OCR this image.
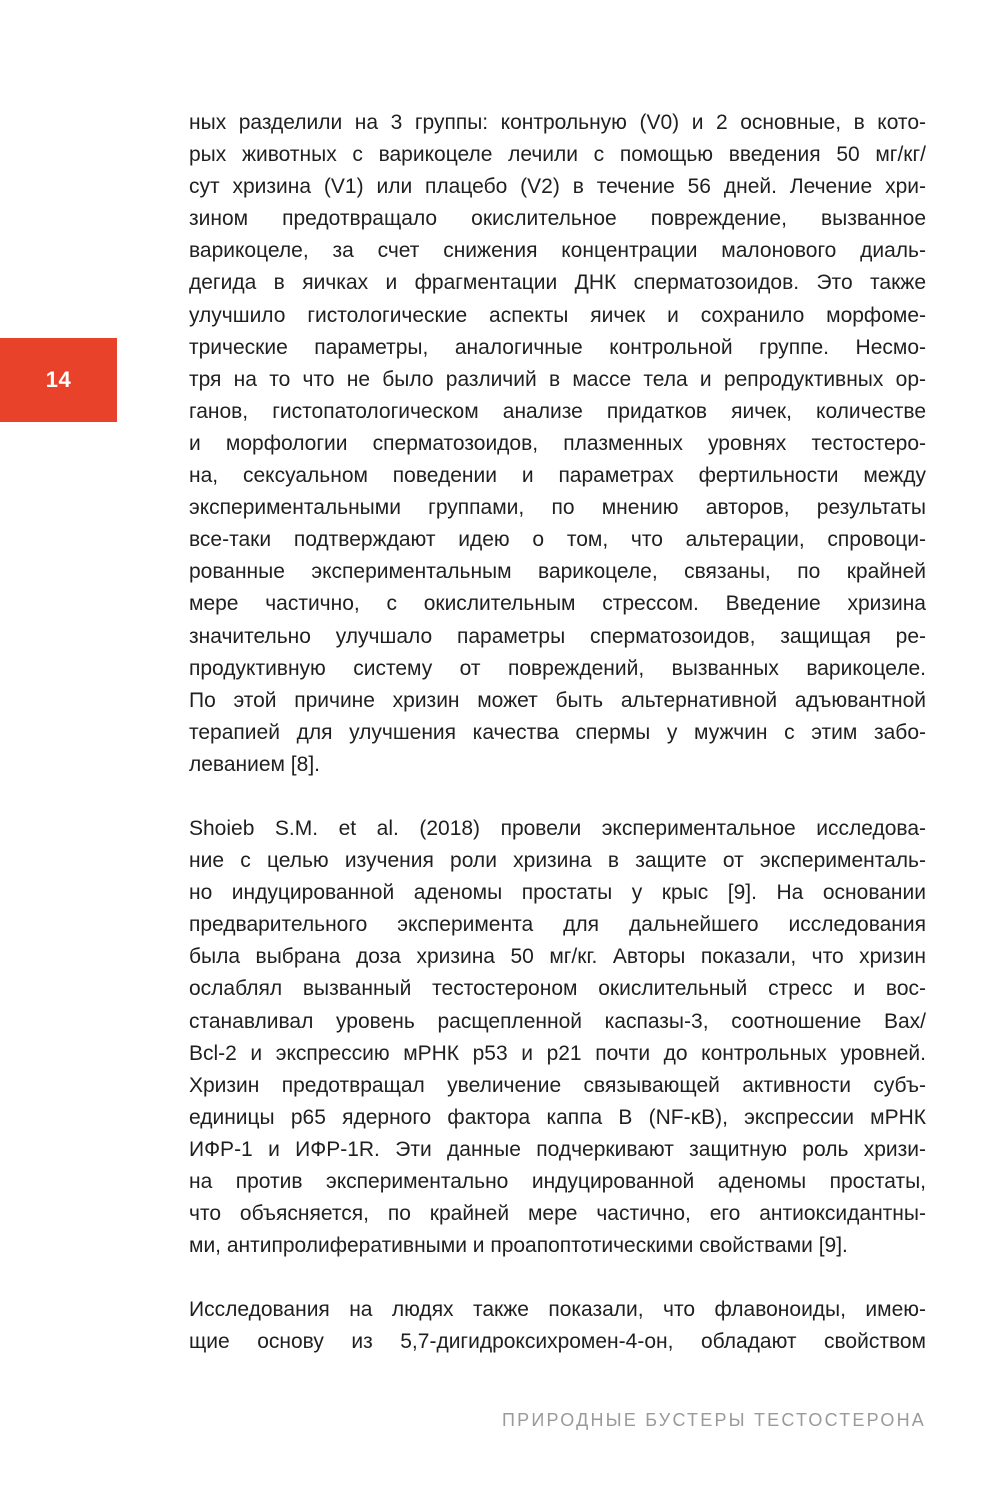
14
ных разделили на 3 группы: контрольную (V0) и 2 основные, в кото-
рых животных с варикоцеле лечили с помощью введения 50 мг/кг/
сут хризина (V1) или плацебо (V2) в течение 56 дней. Лечение хри-
зином предотвращало окислительное повреждение, вызванное
варикоцеле, за счет снижения концентрации малонового диаль-
дегида в яичках и фрагментации ДНК сперматозоидов. Это также
улучшило гистологические аспекты яичек и сохранило морфоме-
трические параметры, аналогичные контрольной группе. Несмо-
тря на то что не было различий в массе тела и репродуктивных ор-
ганов, гистопатологическом анализе придатков яичек, количестве
и морфологии сперматозоидов, плазменных уровнях тестостеро-
на, сексуальном поведении и параметрах фертильности между
экспериментальными группами, по мнению авторов, результаты
все-таки подтверждают идею о том, что альтерации, спровоци-
рованные экспериментальным варикоцеле, связаны, по крайней
мере частично, с окислительным стрессом. Введение хризина
значительно улучшало параметры сперматозоидов, защищая ре-
продуктивную систему от повреждений, вызванных варикоцеле.
По этой причине хризин может быть альтернативной адъювантной
терапией для улучшения качества спермы у мужчин с этим забо-
леванием [8].
Shoieb S.M. et al. (2018) провели экспериментальное исследова-
ние с целью изучения роли хризина в защите от эксперименталь-
но индуцированной аденомы простаты у крыс [9]. На основании
предварительного эксперимента для дальнейшего исследования
была выбрана доза хризина 50 мг/кг. Авторы показали, что хризин
ослаблял вызванный тестостероном окислительный стресс и вос-
станавливал уровень расщепленной каспазы-3, соотношение Bax/
Bcl-2 и экспрессию мРНК p53 и p21 почти до контрольных уровней.
Хризин предотвращал увеличение связывающей активности субъ-
единицы p65 ядерного фактора каппа B (NF-κB), экспрессии мРНК
ИФР-1 и ИФР-1R. Эти данные подчеркивают защитную роль хризи-
на против экспериментально индуцированной аденомы простаты,
что объясняется, по крайней мере частично, его антиоксидантны-
ми, антипролиферативными и проапоптотическими свойствами [9].
Исследования на людях также показали, что флавоноиды, имею-
щие основу из 5,7-дигидроксихромен-4-он, обладают свойством
ПРИРОДНЫЕ БУСТЕРЫ ТЕСТОСТЕРОНА
